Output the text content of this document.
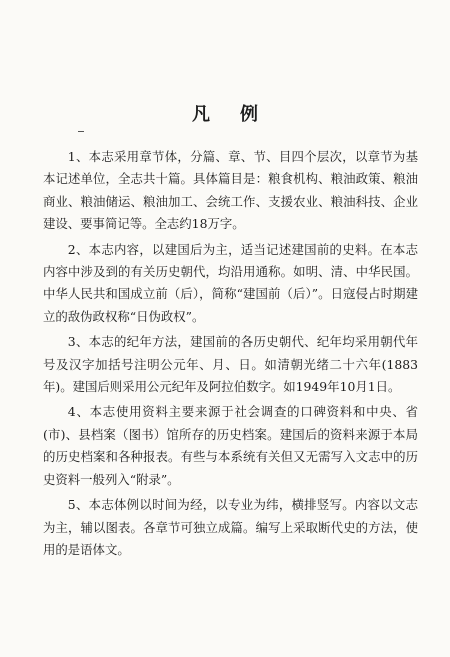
凡例

1、本志采用章节体，分篇、章、节、目四个层次，以章节为基本记述单位，全志共十篇。具体篇目是：粮食机构、粮油政策、粮油商业、粮油储运、粮油加工、会统工作、支援农业、粮油科技、企业建设、要事简记等。全志约18万字。

2、本志内容，以建国后为主，适当记述建国前的史料。在本志内容中涉及到的有关历史朝代，均沿用通称。如明、清、中华民国。中华人民共和国成立前（后），简称“建国前（后）”。日寇侵占时期建立的敌伪政权称“日伪政权”。

3、本志的纪年方法，建国前的各历史朝代、纪年均采用朝代年号及汉字加括号注明公元年、月、日。如清朝光绪二十六年(1883年)。建国后则采用公元纪年及阿拉伯数字。如1949年10月1日。

4、本志使用资料主要来源于社会调查的口碑资料和中央、省(市)、县档案（图书）馆所存的历史档案。建国后的资料来源于本局的历史档案和各种报表。有些与本系统有关但又无需写入文志中的历史资料一般列入“附录”。

5、本志体例以时间为经，以专业为纬，横排竖写。内容以文志为主，辅以图表。各章节可独立成篇。编写上采取断代史的方法，使用的是语体文。
